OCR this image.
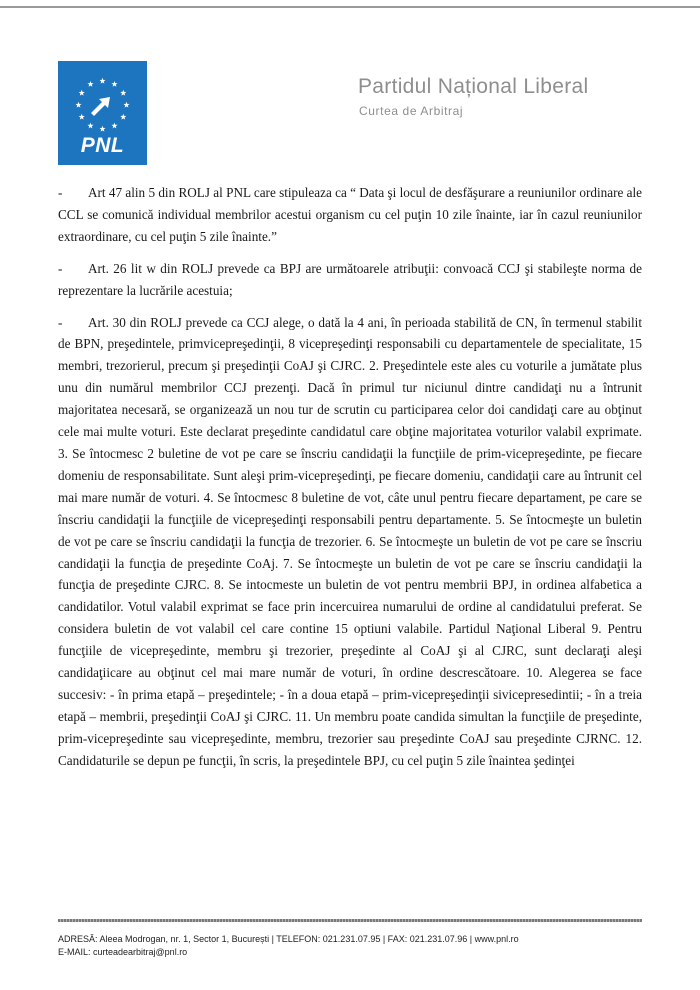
PNL
Partidul Național Liberal
Curtea de Arbitraj

- Art 47 alin 5 din ROLJ al PNL care stipuleaza ca “ Data şi locul de desfăşurare a reuniunilor ordinare ale CCL se comunică individual membrilor acestui organism cu cel puţin 10 zile înainte, iar în cazul reuniunilor extraordinare, cu cel puţin 5 zile înainte.”

- Art. 26 lit w din ROLJ prevede ca BPJ are următoarele atribuţii: convoacă CCJ şi stabileşte norma de reprezentare la lucrările acestuia;

- Art. 30 din ROLJ prevede ca CCJ alege, o dată la 4 ani, în perioada stabilită de CN, în termenul stabilit de BPN, preşedintele, primvicepreşedinţii, 8 vicepreşedinţi responsabili cu departamentele de specialitate, 15 membri, trezorierul, precum şi preşedinţii CoAJ şi CJRC. 2. Preşedintele este ales cu voturile a jumătate plus unu din numărul membrilor CCJ prezenţi. Dacă în primul tur niciunul dintre candidaţi nu a întrunit majoritatea necesară, se organizează un nou tur de scrutin cu participarea celor doi candidaţi care au obţinut cele mai multe voturi. Este declarat preşedinte candidatul care obţine majoritatea voturilor valabil exprimate. 3. Se întocmesc 2 buletine de vot pe care se înscriu candidaţii la funcţiile de prim-vicepreşedinte, pe fiecare domeniu de responsabilitate. Sunt aleşi prim-vicepreşedinţi, pe fiecare domeniu, candidaţii care au întrunit cel mai mare număr de voturi. 4. Se întocmesc 8 buletine de vot, câte unul pentru fiecare departament, pe care se înscriu candidaţii la funcţiile de vicepreşedinţi responsabili pentru departamente. 5. Se întocmeşte un buletin de vot pe care se înscriu candidaţii la funcţia de trezorier. 6. Se întocmeşte un buletin de vot pe care se înscriu candidaţii la funcţia de preşedinte CoAj. 7. Se întocmeşte un buletin de vot pe care se înscriu candidaţii la funcţia de preşedinte CJRC. 8. Se intocmeste un buletin de vot pentru membrii BPJ, in ordinea alfabetica a candidatilor. Votul valabil exprimat se face prin incercuirea numarului de ordine al candidatului preferat. Se considera buletin de vot valabil cel care contine 15 optiuni valabile. Partidul Naţional Liberal 9. Pentru funcţiile de vicepreşedinte, membru şi trezorier, preşedinte al CoAJ şi al CJRC, sunt declaraţi aleşi candidaţiicare au obţinut cel mai mare număr de voturi, în ordine descrescătoare. 10. Alegerea se face succesiv: - în prima etapă – preşedintele; - în a doua etapă – prim-vicepreşedinţii sivicepresedintii; - în a treia etapă – membrii, preşedinţii CoAJ şi CJRC. 11. Un membru poate candida simultan la funcţiile de preşedinte, prim-vicepreşedinte sau vicepreşedinte, membru, trezorier sau preşedinte CoAJ sau preşedinte CJRNC. 12. Candidaturile se depun pe funcţii, în scris, la preşedintele BPJ, cu cel puţin 5 zile înaintea şedinţei

ADRESĂ: Aleea Modrogan, nr. 1, Sector 1, București | TELEFON: 021.231.07.95 | FAX: 021.231.07.96 | www.pnl.ro
E-MAIL: curteadearbitraj@pnl.ro
